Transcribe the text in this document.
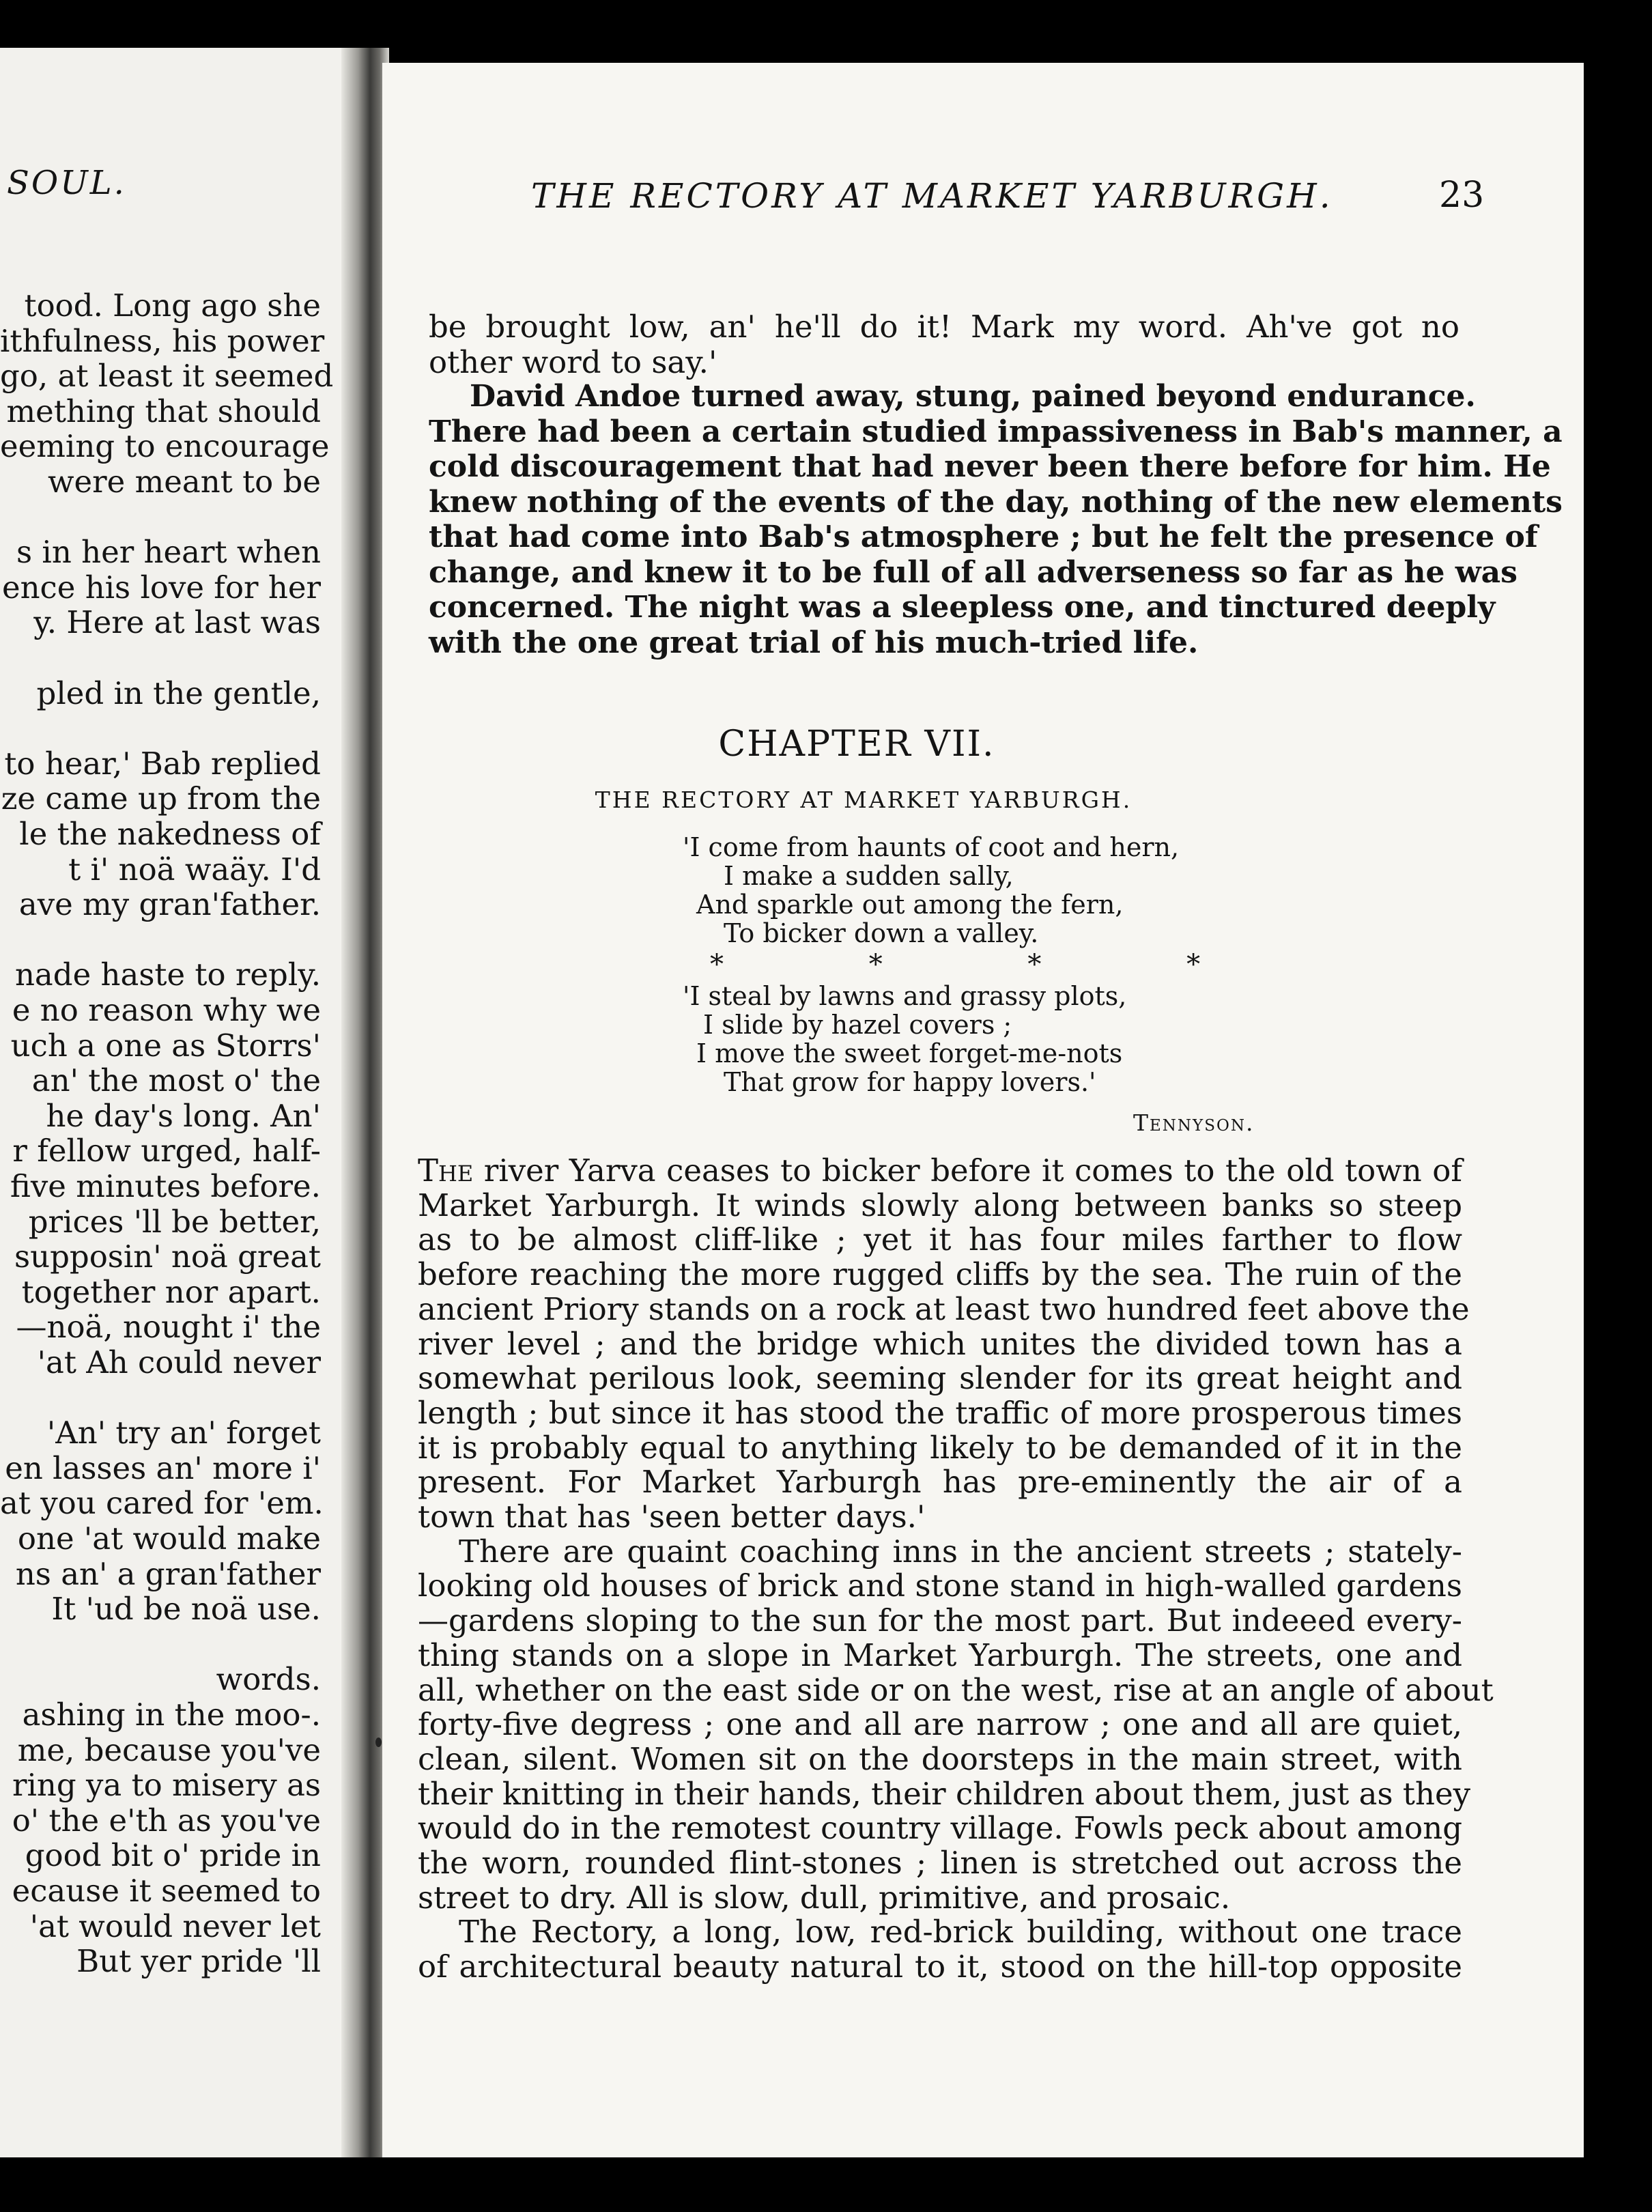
SOUL.
tood. Long ago she
ithfulness, his power
go, at least it seemed
mething that should
eeming to encourage
were meant to be
s in her heart when
ence his love for her
y. Here at last was
pled in the gentle,
to hear,' Bab replied
ze came up from the
le the nakedness of
t i' noä waäy. I'd
ave my gran'father.
nade haste to reply.
e no reason why we
uch a one as Storrs'
an' the most o' the
he day's long. An'
r fellow urged, half-
five minutes before.
prices 'll be better,
supposin' noä great
together nor apart.
—noä, nought i' the
'at Ah could never
'An' try an' forget
en lasses an' more i'
at you cared for 'em.
one 'at would make
ns an' a gran'father
It 'ud be noä use.
words.
ashing in the moo-.
me, because you've
ring ya to misery as
o' the e'th as you've
good bit o' pride in
ecause it seemed to
'at would never let
But yer pride 'll
THE RECTORY AT MARKET YARBURGH.	23
be brought low, an' he'll do it! Mark my word. Ah've got no
other word to say.'
David Andoe turned away, stung, pained beyond endurance.
There had been a certain studied impassiveness in Bab's manner, a
cold discouragement that had never been there before for him. He
knew nothing of the events of the day, nothing of the new elements
that had come into Bab's atmosphere ; but he felt the presence of
change, and knew it to be full of all adverseness so far as he was
concerned. The night was a sleepless one, and tinctured deeply
with the one great trial of his much-tried life.
CHAPTER VII.
THE RECTORY AT MARKET YARBURGH.
'I come from haunts of coot and hern,
I make a sudden sally,
And sparkle out among the fern,
To bicker down a valley.
* * * *
'I steal by lawns and grassy plots,
I slide by hazel covers ;
I move the sweet forget-me-nots
That grow for happy lovers.'
Tennyson.
The river Yarva ceases to bicker before it comes to the old town of
Market Yarburgh. It winds slowly along between banks so steep
as to be almost cliff-like ; yet it has four miles farther to flow
before reaching the more rugged cliffs by the sea. The ruin of the
ancient Priory stands on a rock at least two hundred feet above the
river level ; and the bridge which unites the divided town has a
somewhat perilous look, seeming slender for its great height and
length ; but since it has stood the traffic of more prosperous times
it is probably equal to anything likely to be demanded of it in the
present. For Market Yarburgh has pre-eminently the air of a
town that has 'seen better days.'
There are quaint coaching inns in the ancient streets ; stately-
looking old houses of brick and stone stand in high-walled gardens
—gardens sloping to the sun for the most part. But indeeed every-
thing stands on a slope in Market Yarburgh. The streets, one and
all, whether on the east side or on the west, rise at an angle of about
forty-five degress ; one and all are narrow ; one and all are quiet,
clean, silent. Women sit on the doorsteps in the main street, with
their knitting in their hands, their children about them, just as they
would do in the remotest country village. Fowls peck about among
the worn, rounded flint-stones ; linen is stretched out across the
street to dry. All is slow, dull, primitive, and prosaic.
The Rectory, a long, low, red-brick building, without one trace
of architectural beauty natural to it, stood on the hill-top opposite
